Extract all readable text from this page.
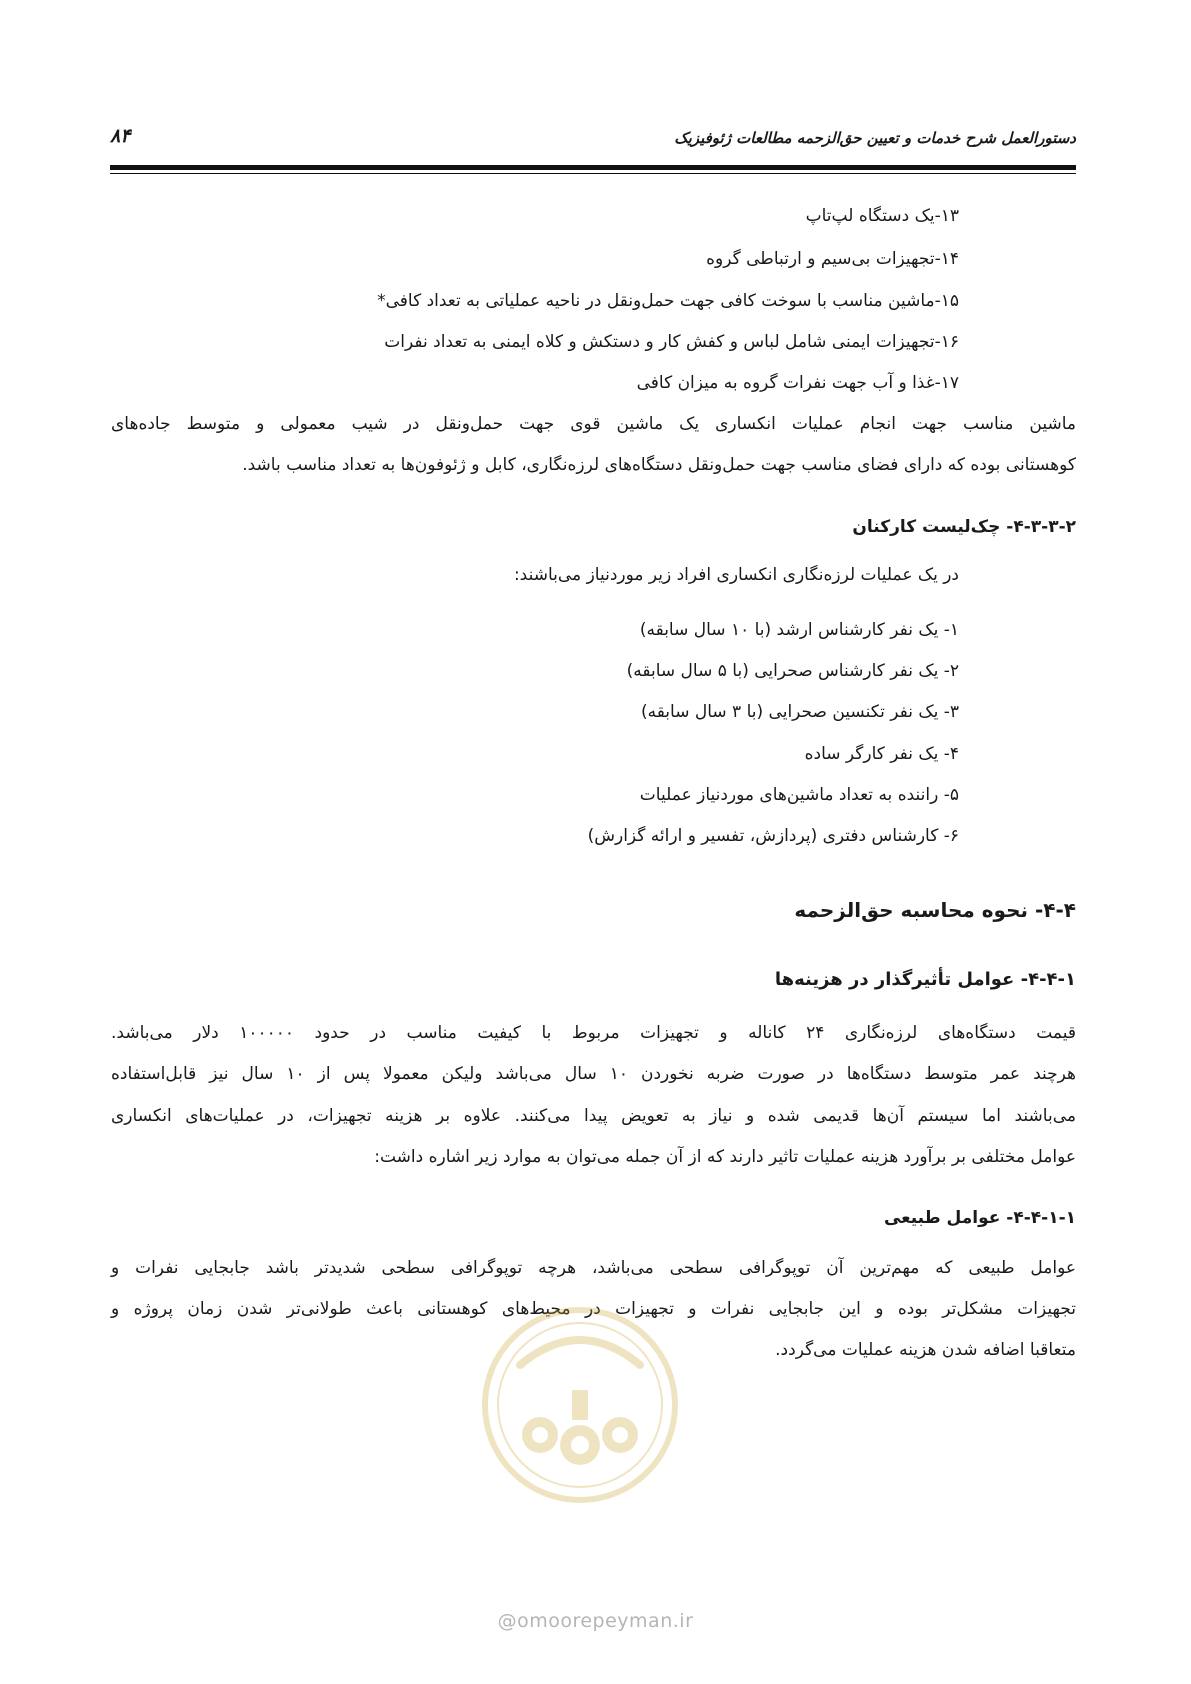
دستورالعمل شرح خدمات و تعیین حق‌الزحمه مطالعات ژئوفیزیک
۸۴
۱۳-یک دستگاه لپ‌تاپ
۱۴-تجهیزات بی‌سیم و ارتباطی گروه
۱۵-ماشین مناسب با سوخت کافی جهت حمل‌ونقل در ناحیه عملیاتی به تعداد کافی*
۱۶-تجهیزات ایمنی شامل لباس و کفش کار و دستکش و کلاه ایمنی به تعداد نفرات
۱۷-غذا و آب جهت نفرات گروه به میزان کافی
ماشین مناسب جهت انجام عملیات انکساری یک ماشین قوی جهت حمل‌ونقل در شیب معمولی و متوسط جاده‌های
کوهستانی بوده که دارای فضای مناسب جهت حمل‌ونقل دستگاه‌های لرزه‌نگاری، کابل و ژئوفون‌ها به تعداد مناسب باشد.
۴-۳-۳-۲- چک‌لیست کارکنان
در یک عملیات لرزه‌نگاری انکساری افراد زیر موردنیاز می‌باشند:
۱- یک نفر کارشناس ارشد (با ۱۰ سال سابقه)
۲- یک نفر کارشناس صحرایی (با ۵ سال سابقه)
۳- یک نفر تکنسین صحرایی (با ۳ سال سابقه)
۴- یک نفر کارگر ساده
۵- راننده به تعداد ماشین‌های موردنیاز عملیات
۶- کارشناس دفتری (پردازش، تفسیر و ارائه گزارش)
۴-۴- نحوه محاسبه حق‌الزحمه
۴-۴-۱- عوامل تأثیرگذار در هزینه‌ها
قیمت دستگاه‌های لرزه‌نگاری ۲۴ کاناله و تجهیزات مربوط با کیفیت مناسب در حدود ۱۰۰۰۰۰ دلار می‌باشد.
هرچند عمر متوسط دستگاه‌ها در صورت ضربه نخوردن ۱۰ سال می‌باشد ولیکن معمولا پس از ۱۰ سال نیز قابل‌استفاده
می‌باشند اما سیستم آن‌ها قدیمی شده و نیاز به تعویض پیدا می‌کنند. علاوه بر هزینه تجهیزات، در عملیات‌های انکساری
عوامل مختلفی بر برآورد هزینه عملیات تاثیر دارند که از آن جمله می‌توان به موارد زیر اشاره داشت:
۴-۴-۱-۱- عوامل طبیعی
عوامل طبیعی که مهم‌ترین آن توپوگرافی سطحی می‌باشد، هرچه توپوگرافی سطحی شدیدتر باشد جابجایی نفرات و
تجهیزات مشکل‌تر بوده و این جابجایی نفرات و تجهیزات در محیط‌های کوهستانی باعث طولانی‌تر شدن زمان پروژه و
متعاقبا اضافه شدن هزینه عملیات می‌گردد.
@omoorepeyman.ir
